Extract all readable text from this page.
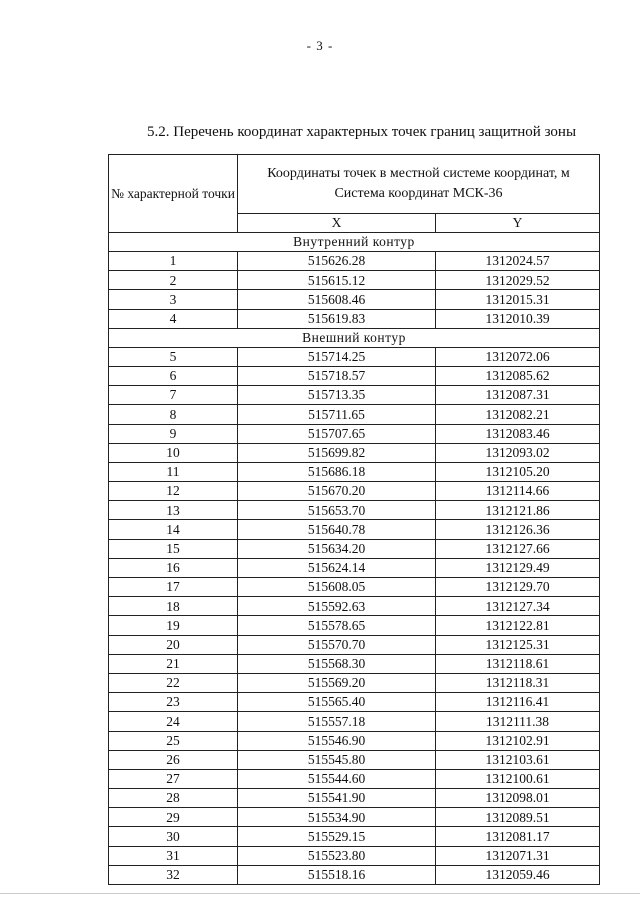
- 3 -
5.2. Перечень координат характерных точек границ защитной зоны
№ характерной точки	Координаты точек в местной системе координат, м
Система координат МСК-36	
	X	Y
Внутренний контур		
1	515626.28	1312024.57
2	515615.12	1312029.52
3	515608.46	1312015.31
4	515619.83	1312010.39
Внешний контур		
5	515714.25	1312072.06
6	515718.57	1312085.62
7	515713.35	1312087.31
8	515711.65	1312082.21
9	515707.65	1312083.46
10	515699.82	1312093.02
11	515686.18	1312105.20
12	515670.20	1312114.66
13	515653.70	1312121.86
14	515640.78	1312126.36
15	515634.20	1312127.66
16	515624.14	1312129.49
17	515608.05	1312129.70
18	515592.63	1312127.34
19	515578.65	1312122.81
20	515570.70	1312125.31
21	515568.30	1312118.61
22	515569.20	1312118.31
23	515565.40	1312116.41
24	515557.18	1312111.38
25	515546.90	1312102.91
26	515545.80	1312103.61
27	515544.60	1312100.61
28	515541.90	1312098.01
29	515534.90	1312089.51
30	515529.15	1312081.17
31	515523.80	1312071.31
32	515518.16	1312059.46
